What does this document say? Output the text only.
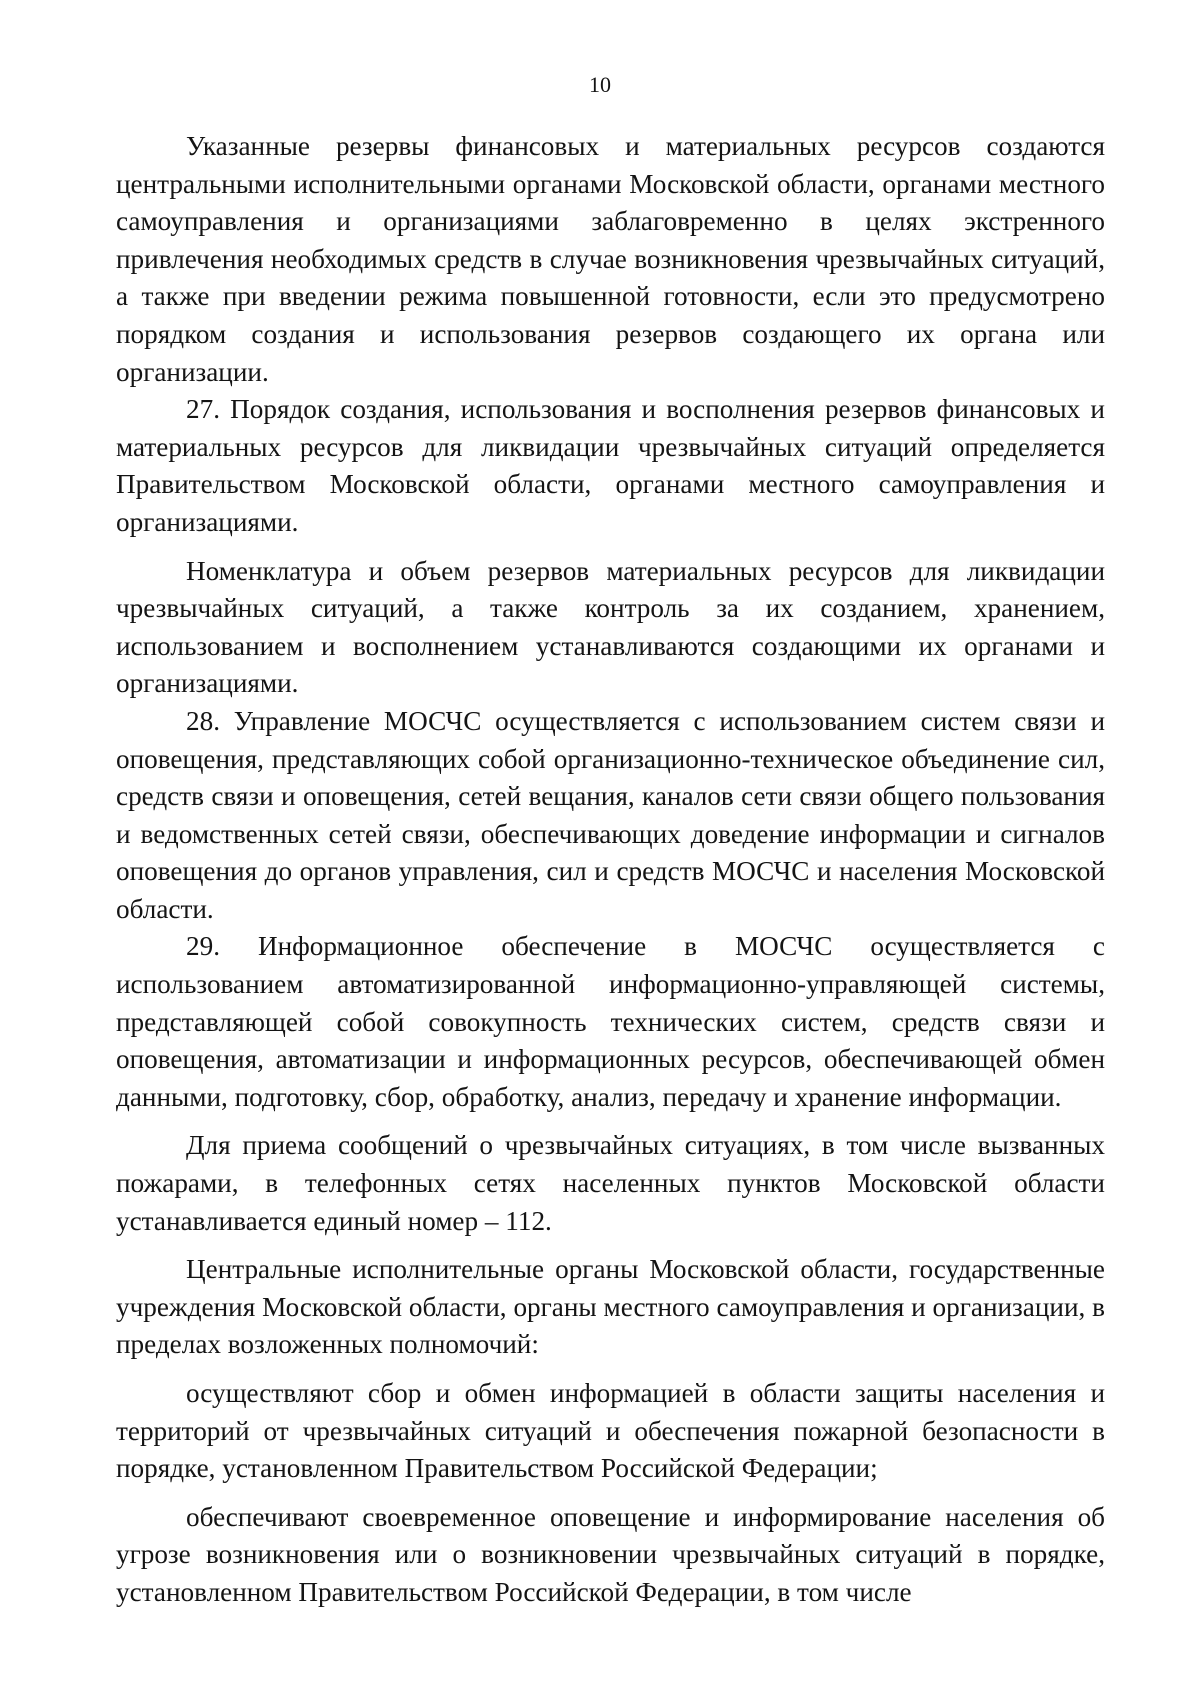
10

Указанные резервы финансовых и материальных ресурсов создаются центральными исполнительными органами Московской области, органами местного самоуправления и организациями заблаговременно в целях экстренного привлечения необходимых средств в случае возникновения чрезвычайных ситуаций, а также при введении режима повышенной готовности, если это предусмотрено порядком создания и использования резервов создающего их органа или организации.

27. Порядок создания, использования и восполнения резервов финансовых и материальных ресурсов для ликвидации чрезвычайных ситуаций определяется Правительством Московской области, органами местного самоуправления и организациями.

Номенклатура и объем резервов материальных ресурсов для ликвидации чрезвычайных ситуаций, а также контроль за их созданием, хранением, использованием и восполнением устанавливаются создающими их органами и организациями.

28. Управление МОСЧС осуществляется с использованием систем связи и оповещения, представляющих собой организационно-техническое объединение сил, средств связи и оповещения, сетей вещания, каналов сети связи общего пользования и ведомственных сетей связи, обеспечивающих доведение информации и сигналов оповещения до органов управления, сил и средств МОСЧС и населения Московской области.

29. Информационное обеспечение в МОСЧС осуществляется с использованием автоматизированной информационно-управляющей системы, представляющей собой совокупность технических систем, средств связи и оповещения, автоматизации и информационных ресурсов, обеспечивающей обмен данными, подготовку, сбор, обработку, анализ, передачу и хранение информации.

Для приема сообщений о чрезвычайных ситуациях, в том числе вызванных пожарами, в телефонных сетях населенных пунктов Московской области устанавливается единый номер – 112.

Центральные исполнительные органы Московской области, государственные учреждения Московской области, органы местного самоуправления и организации, в пределах возложенных полномочий:

осуществляют сбор и обмен информацией в области защиты населения и территорий от чрезвычайных ситуаций и обеспечения пожарной безопасности в порядке, установленном Правительством Российской Федерации;

обеспечивают своевременное оповещение и информирование населения об угрозе возникновения или о возникновении чрезвычайных ситуаций в порядке, установленном Правительством Российской Федерации, в том числе
